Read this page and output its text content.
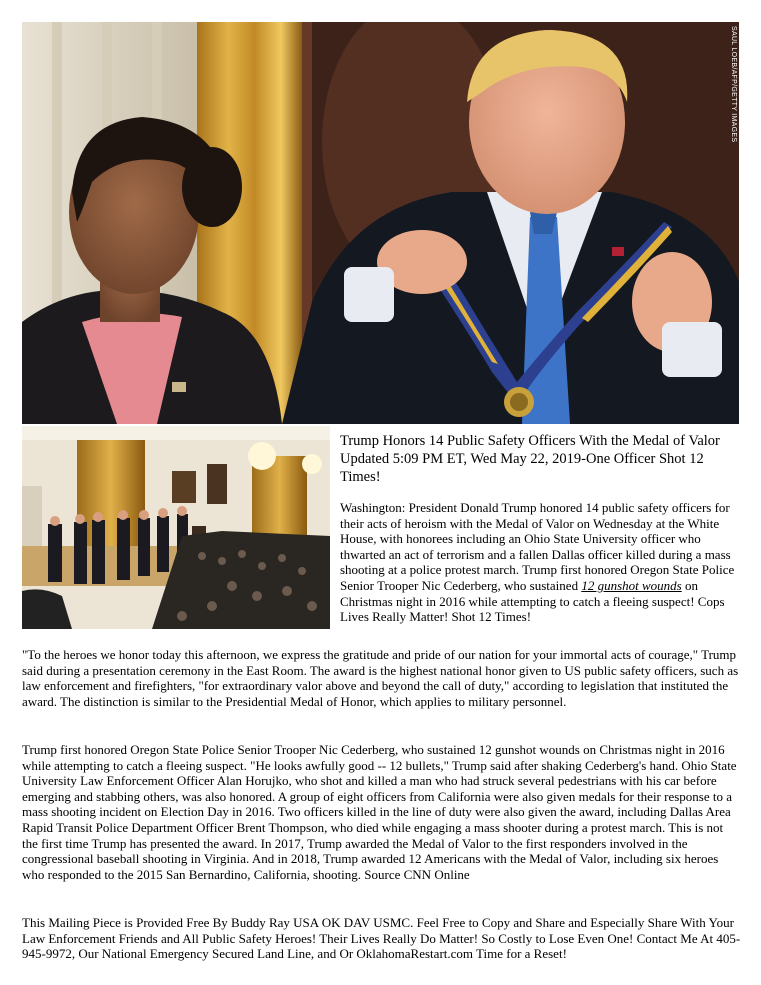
SAUL LOEB/AFP/GETTY IMAGES
Trump Honors 14 Public Safety Officers With the Medal of Valor
Updated 5:09 PM ET, Wed May 22, 2019-One Officer Shot 12 Times!
Washington: President Donald Trump honored 14 public safety officers for their acts of heroism with the Medal of Valor on Wednesday at the White House, with honorees including an Ohio State University officer who thwarted an act of terrorism and a fallen Dallas officer killed during a mass shooting at a police protest march. Trump first honored Oregon State Police Senior Trooper Nic Cederberg, who sustained 12 gunshot wounds on Christmas night in 2016 while attempting to catch a fleeing suspect! Cops Lives Really Matter! Shot 12 Times!
"To the heroes we honor today this afternoon, we express the gratitude and pride of our nation for your immortal acts of courage," Trump said during a presentation ceremony in the East Room. The award is the highest national honor given to US public safety officers, such as law enforcement and firefighters, "for extraordinary valor above and beyond the call of duty," according to legislation that instituted the award. The distinction is similar to the Presidential Medal of Honor, which applies to military personnel.
Trump first honored Oregon State Police Senior Trooper Nic Cederberg, who sustained 12 gunshot wounds on Christmas night in 2016 while attempting to catch a fleeing suspect. "He looks awfully good -- 12 bullets," Trump said after shaking Cederberg's hand. Ohio State University Law Enforcement Officer Alan Horujko, who shot and killed a man who had struck several pedestrians with his car before emerging and stabbing others, was also honored. A group of eight officers from California were also given medals for their response to a mass shooting incident on Election Day in 2016. Two officers killed in the line of duty were also given the award, including Dallas Area Rapid Transit Police Department Officer Brent Thompson, who died while engaging a mass shooter during a protest march. This is not the first time Trump has presented the award. In 2017, Trump awarded the Medal of Valor to the first responders involved in the congressional baseball shooting in Virginia. And in 2018, Trump awarded 12 Americans with the Medal of Valor, including six heroes who responded to the 2015 San Bernardino, California, shooting. Source CNN Online
This Mailing Piece is Provided Free By Buddy Ray USA OK DAV USMC. Feel Free to Copy and Share and Especially Share With Your Law Enforcement Friends and All Public Safety Heroes! Their Lives Really Do Matter! So Costly to Lose Even One! Contact Me At 405-945-9972, Our National Emergency Secured Land Line, and Or OklahomaRestart.com Time for a Reset!
